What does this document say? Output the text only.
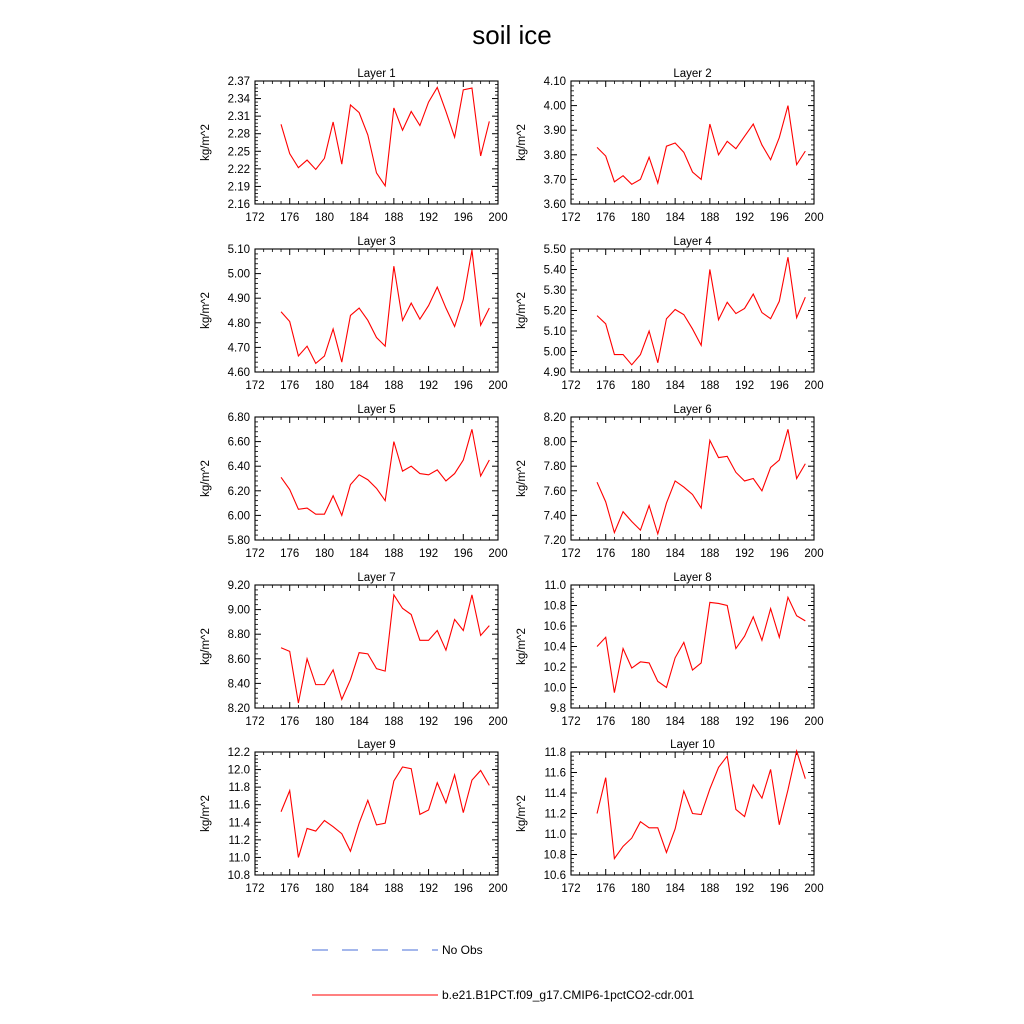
soil ice
Layer 1
kg/m^2
172 176 180 184 188 192 196 200
2.16
2.19
2.22
2.25
2.28
2.31
2.34
2.37
Layer 2
kg/m^2
172 176 180 184 188 192 196 200
3.60
3.70
3.80
3.90
4.00
4.10
Layer 3
kg/m^2
172 176 180 184 188 192 196 200
4.60
4.70
4.80
4.90
5.00
5.10
Layer 4
kg/m^2
172 176 180 184 188 192 196 200
4.90
5.00
5.10
5.20
5.30
5.40
5.50
Layer 5
kg/m^2
172 176 180 184 188 192 196 200
5.80
6.00
6.20
6.40
6.60
6.80
Layer 6
kg/m^2
172 176 180 184 188 192 196 200
7.20
7.40
7.60
7.80
8.00
8.20
Layer 7
kg/m^2
172 176 180 184 188 192 196 200
8.20
8.40
8.60
8.80
9.00
9.20
Layer 8
kg/m^2
172 176 180 184 188 192 196 200
9.8
10.0
10.2
10.4
10.6
10.8
11.0
Layer 9
kg/m^2
172 176 180 184 188 192 196 200
10.8
11.0
11.2
11.4
11.6
11.8
12.0
12.2
Layer 10
kg/m^2
172 176 180 184 188 192 196 200
10.6
10.8
11.0
11.2
11.4
11.6
11.8
No Obs
b.e21.B1PCT.f09_g17.CMIP6-1pctCO2-cdr.001
